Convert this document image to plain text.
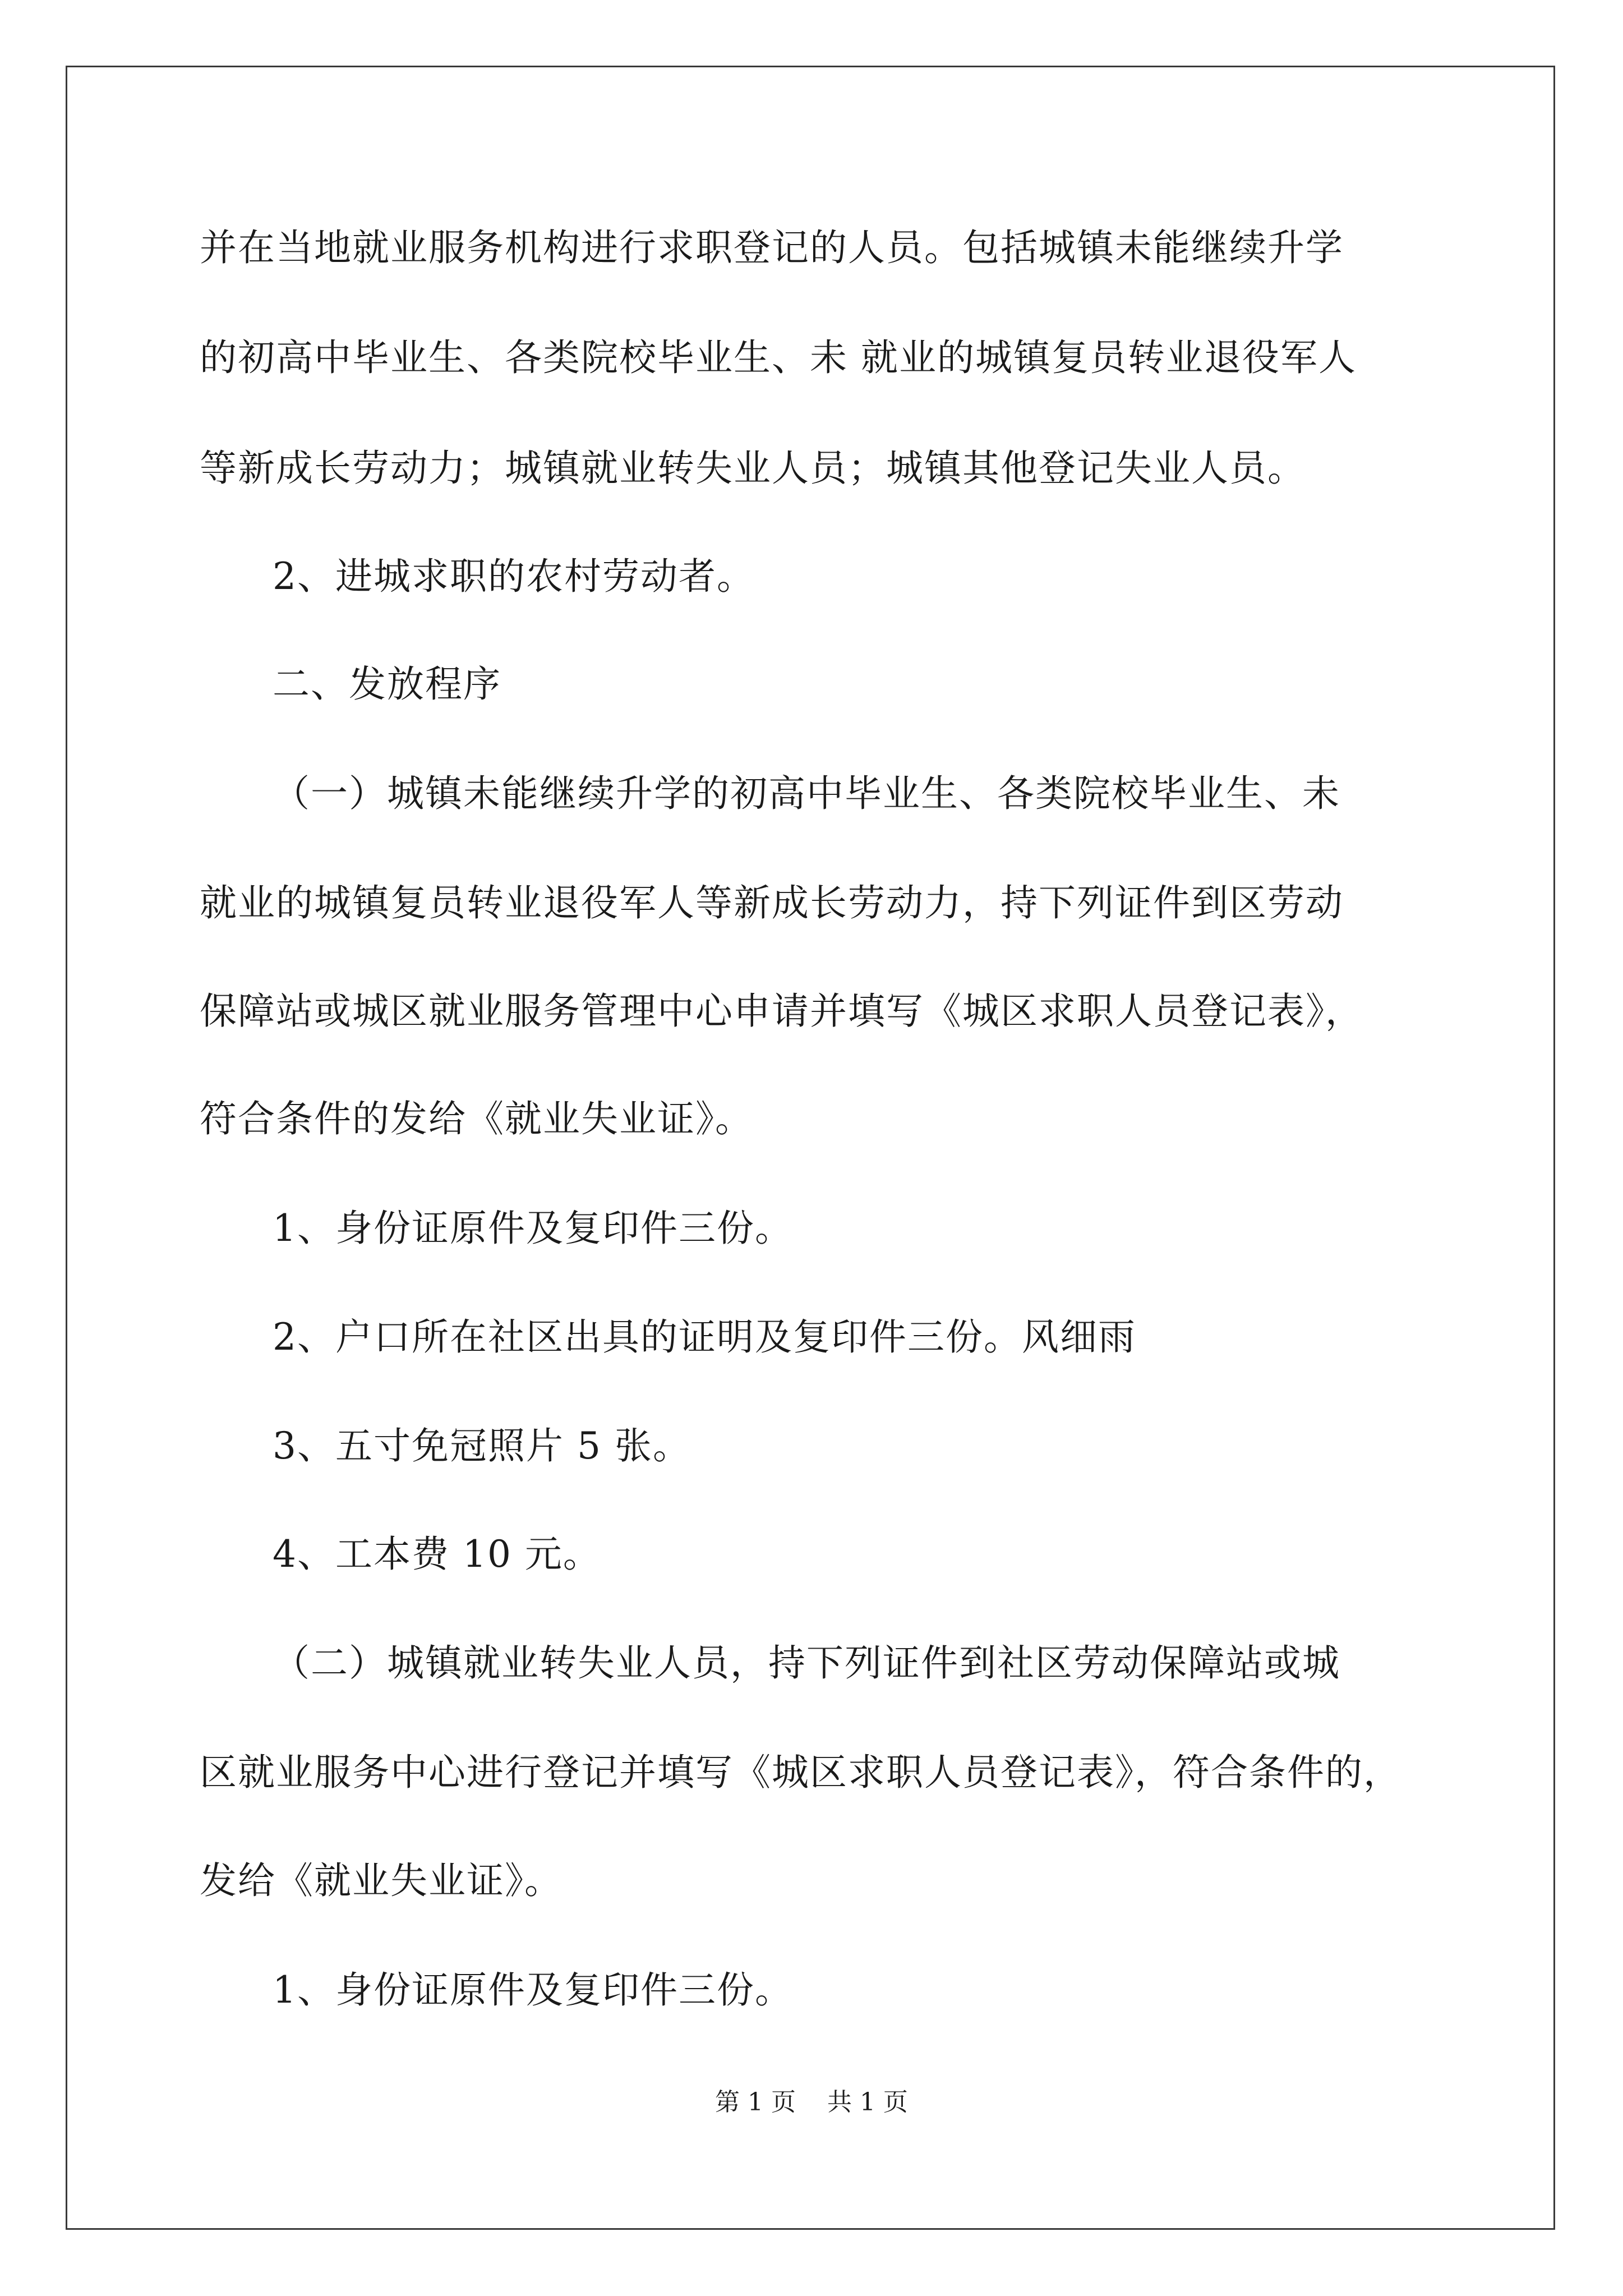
并在当地就业服务机构进行求职登记的人员。包括城镇未能继续升学
的初高中毕业生、各类院校毕业生、未 就业的城镇复员转业退役军人
等新成长劳动力；城镇就业转失业人员；城镇其他登记失业人员。
2、进城求职的农村劳动者。
二、发放程序
（一）城镇未能继续升学的初高中毕业生、各类院校毕业生、未
就业的城镇复员转业退役军人等新成长劳动力，持下列证件到区劳动
保障站或城区就业服务管理中心申请并填写《城区求职人员登记表》，
符合条件的发给《就业失业证》。
1、身份证原件及复印件三份。
2、户口所在社区出具的证明及复印件三份。风细雨
3、五寸免冠照片 5 张。
4、工本费 10 元。
（二）城镇就业转失业人员，持下列证件到社区劳动保障站或城
区就业服务中心进行登记并填写《城区求职人员登记表》，符合条件的，
发给《就业失业证》。
1、身份证原件及复印件三份。
第 1 页    共 1 页
